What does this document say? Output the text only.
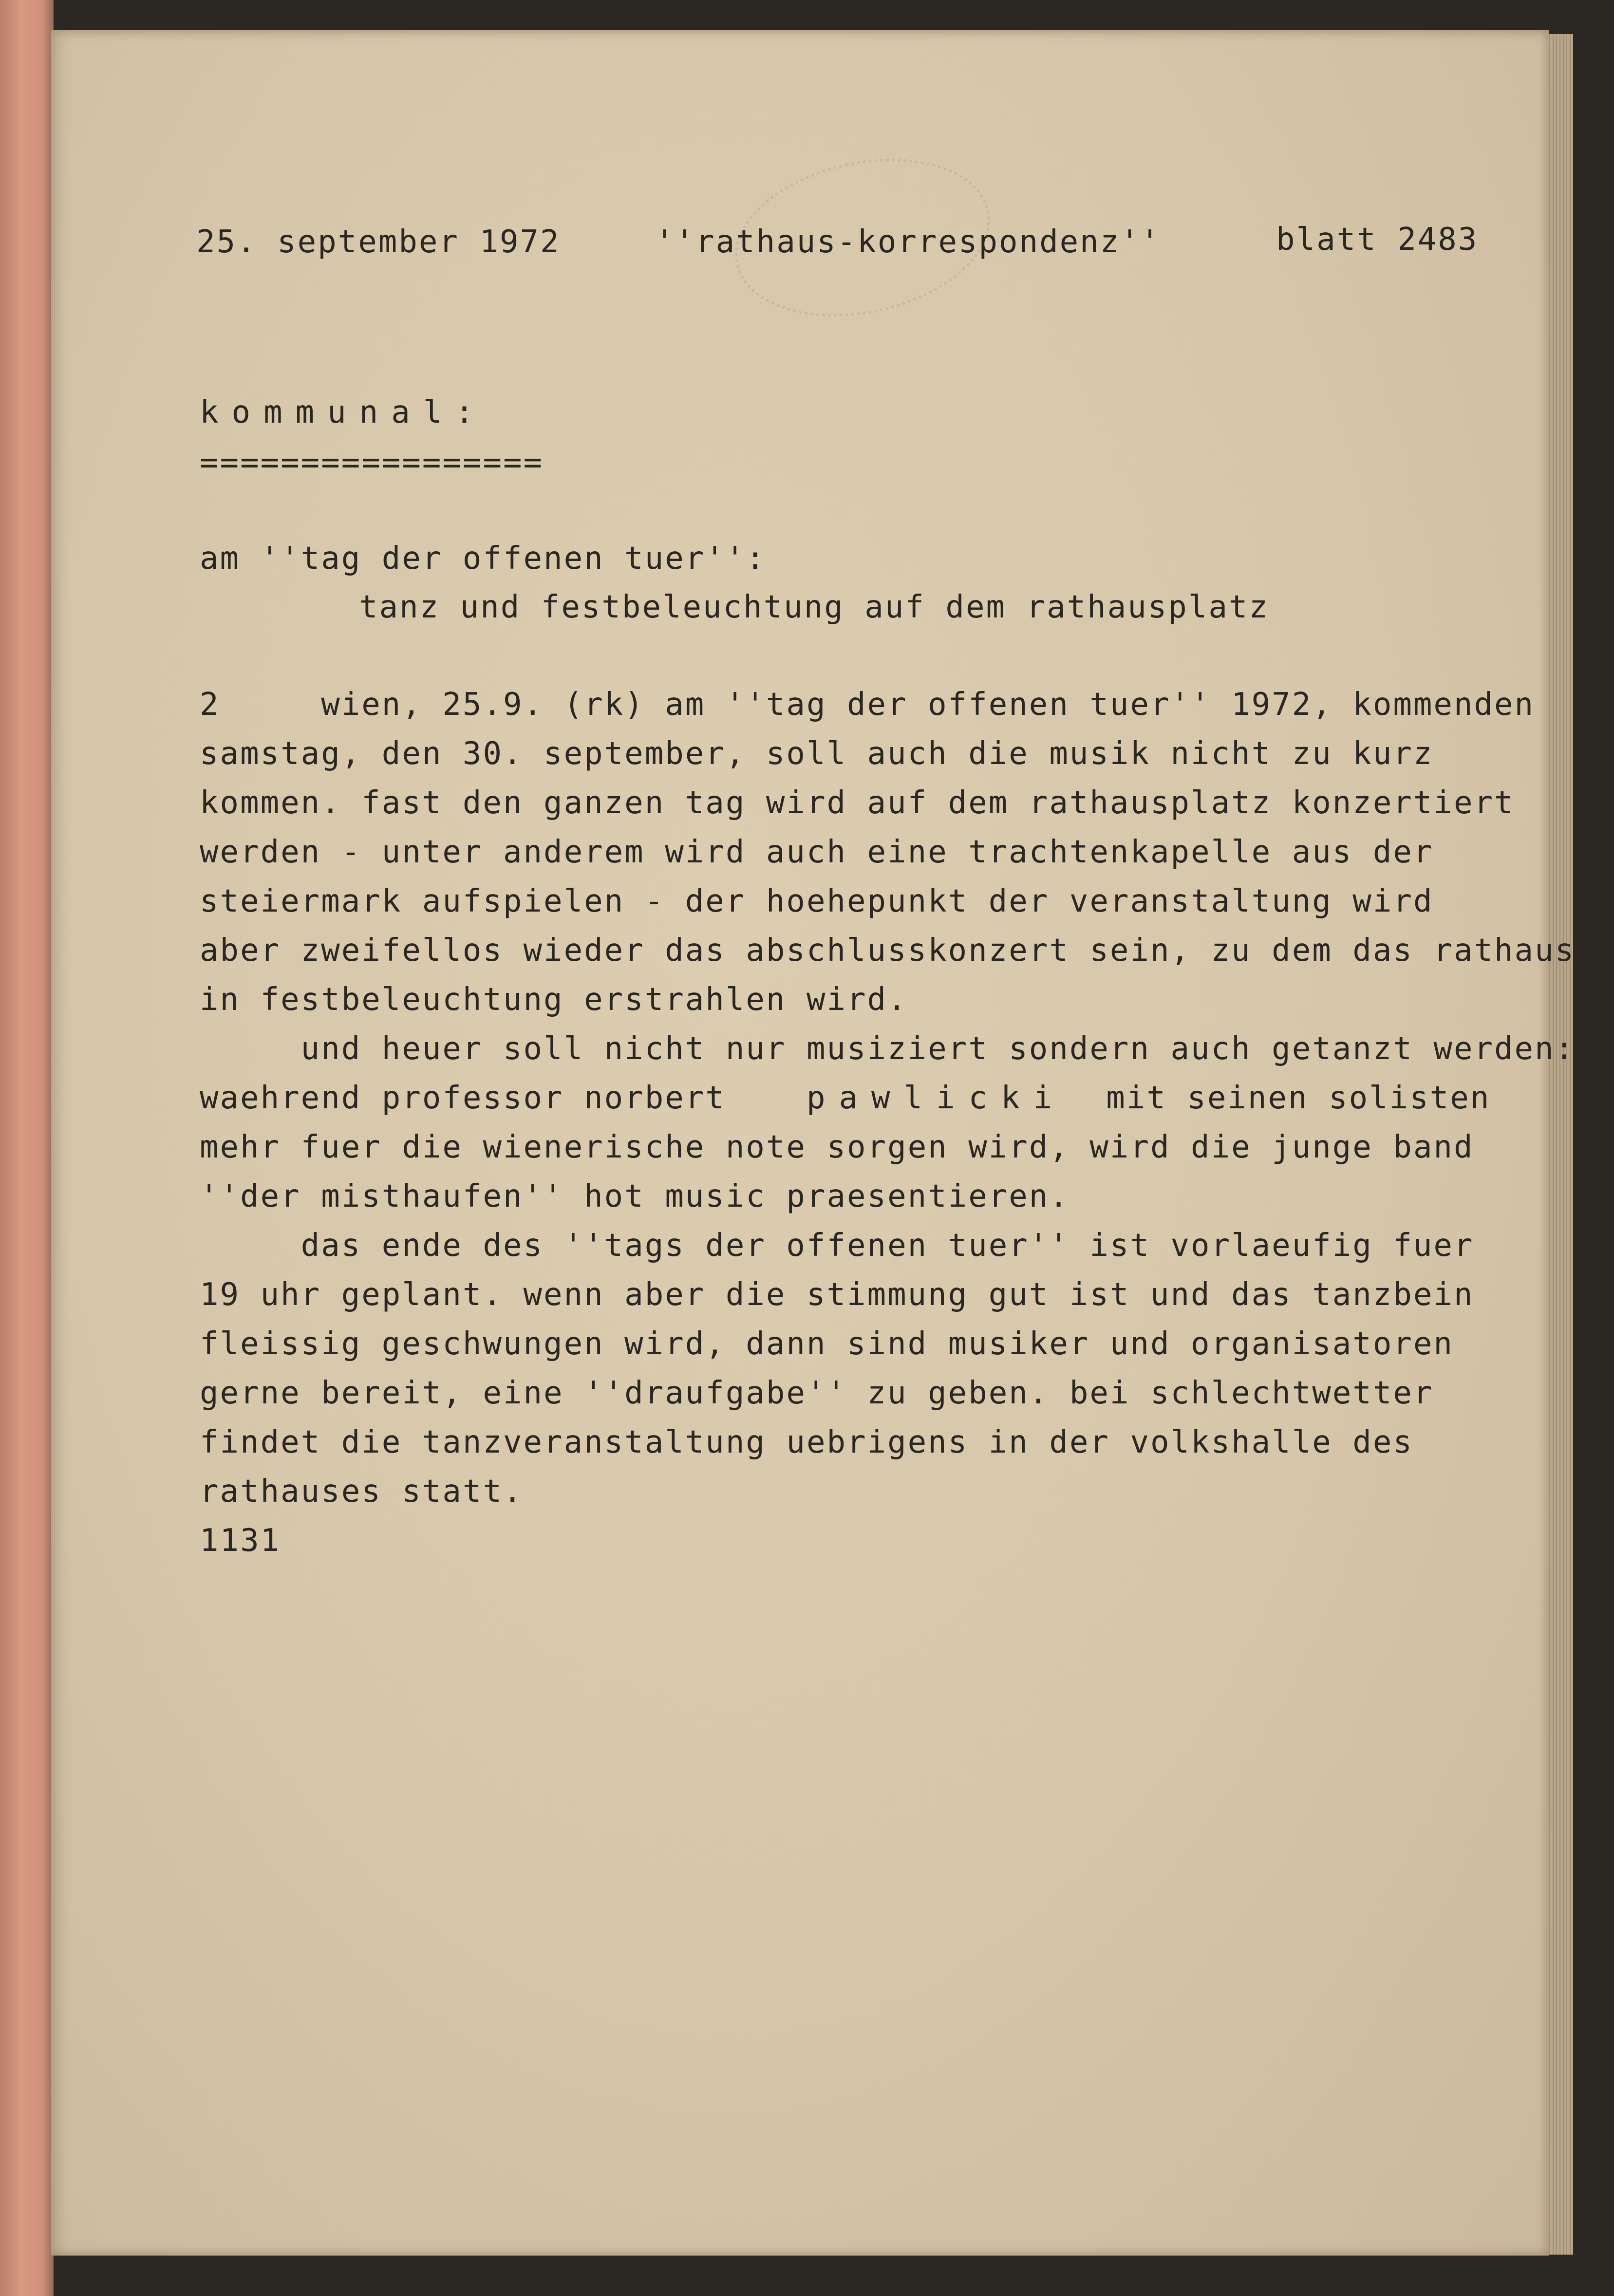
25. september 1972	''rathaus-korrespondenz''	blatt 2483
kommunal:
=================
am ''tag der offenen tuer'':
tanz und festbeleuchtung auf dem rathausplatz
2     wien, 25.9. (rk) am ''tag der offenen tuer'' 1972, kommenden
samstag, den 30. september, soll auch die musik nicht zu kurz
kommen. fast den ganzen tag wird auf dem rathausplatz konzertiert
werden - unter anderem wird auch eine trachtenkapelle aus der
steiermark aufspielen - der hoehepunkt der veranstaltung wird
aber zweifellos wieder das abschlusskonzert sein, zu dem das rathaus
in festbeleuchtung erstrahlen wird.
und heuer soll nicht nur musiziert sondern auch getanzt werden:
waehrend professor norbert	pawlicki mit seinen solisten
mehr fuer die wienerische note sorgen wird, wird die junge band
''der misthaufen'' hot music praesentieren.
das ende des ''tags der offenen tuer'' ist vorlaeufig fuer
19 uhr geplant. wenn aber die stimmung gut ist und das tanzbein
fleissig geschwungen wird, dann sind musiker und organisatoren
gerne bereit, eine ''draufgabe'' zu geben. bei schlechtwetter
findet die tanzveranstaltung uebrigens in der volkshalle des
rathauses statt.
1131
